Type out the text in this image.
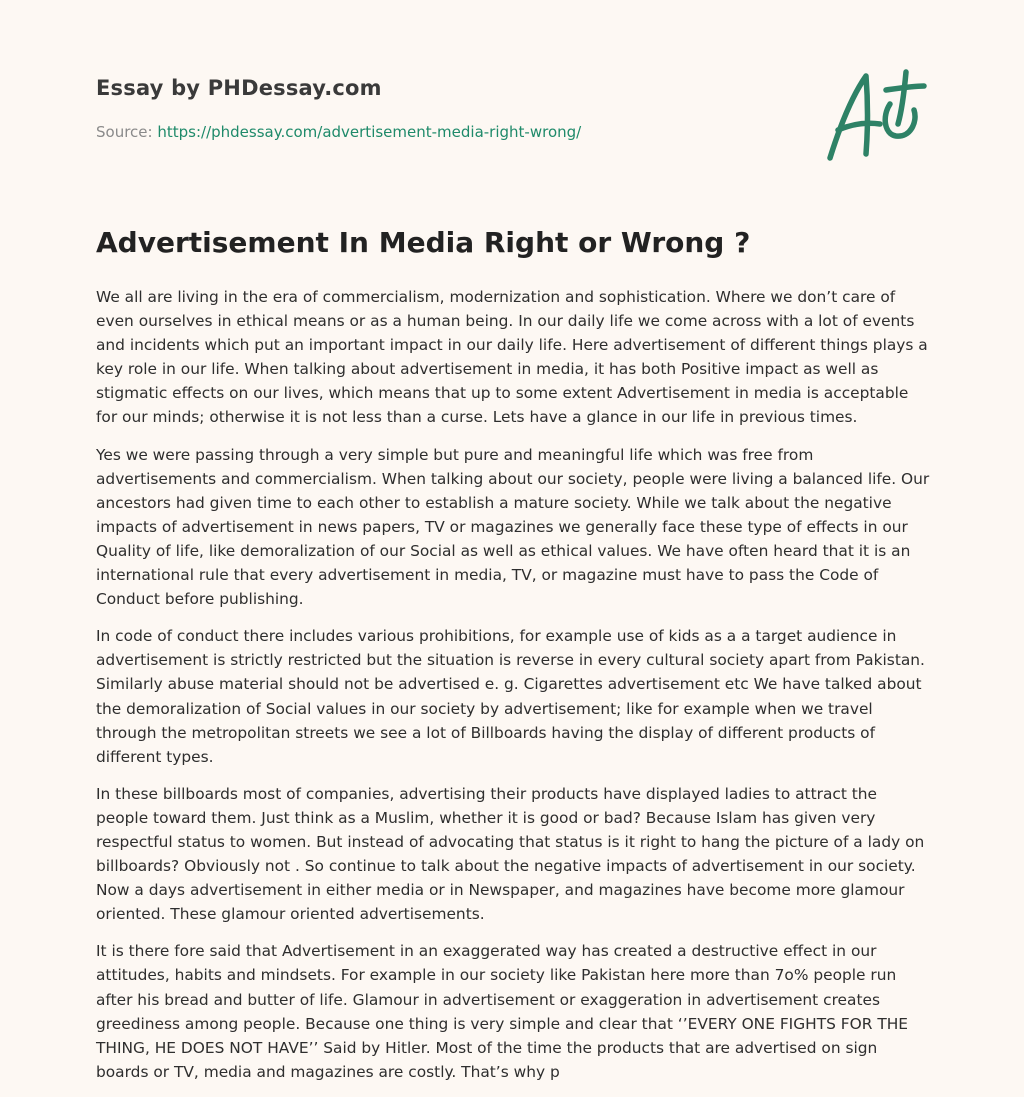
Essay by PHDessay.com
Source: https://phdessay.com/advertisement-media-right-wrong/
Advertisement In Media Right or Wrong ?

We all are living in the era of commercialism, modernization and sophistication. Where we don’t care of even ourselves in ethical means or as a human being. In our daily life we come across with a lot of events and incidents which put an important impact in our daily life. Here advertisement of different things plays a key role in our life. When talking about advertisement in media, it has both Positive impact as well as stigmatic effects on our lives, which means that up to some extent Advertisement in media is acceptable for our minds; otherwise it is not less than a curse. Lets have a glance in our life in previous times.

Yes we were passing through a very simple but pure and meaningful life which was free from advertisements and commercialism. When talking about our society, people were living a balanced life. Our ancestors had given time to each other to establish a mature society. While we talk about the negative impacts of advertisement in news papers, TV or magazines we generally face these type of effects in our Quality of life, like demoralization of our Social as well as ethical values. We have often heard that it is an international rule that every advertisement in media, TV, or magazine must have to pass the Code of Conduct before publishing.

In code of conduct there includes various prohibitions, for example use of kids as a a target audience in advertisement is strictly restricted but the situation is reverse in every cultural society apart from Pakistan. Similarly abuse material should not be advertised e. g. Cigarettes advertisement etc We have talked about the demoralization of Social values in our society by advertisement; like for example when we travel through the metropolitan streets we see a lot of Billboards having the display of different products of different types.

In these billboards most of companies, advertising their products have displayed ladies to attract the people toward them. Just think as a Muslim, whether it is good or bad? Because Islam has given very respectful status to women. But instead of advocating that status is it right to hang the picture of a lady on billboards? Obviously not . So continue to talk about the negative impacts of advertisement in our society. Now a days advertisement in either media or in Newspaper, and magazines have become more glamour oriented. These glamour oriented advertisements.

It is there fore said that Advertisement in an exaggerated way has created a destructive effect in our attitudes, habits and mindsets. For example in our society like Pakistan here more than 7o% people run after his bread and butter of life. Glamour in advertisement or exaggeration in advertisement creates greediness among people. Because one thing is very simple and clear that ‘’EVERY ONE FIGHTS FOR THE THING, HE DOES NOT HAVE’’ Said by Hitler. Most of the time the products that are advertised on sign boards or TV, media and magazines are costly. That’s why p
